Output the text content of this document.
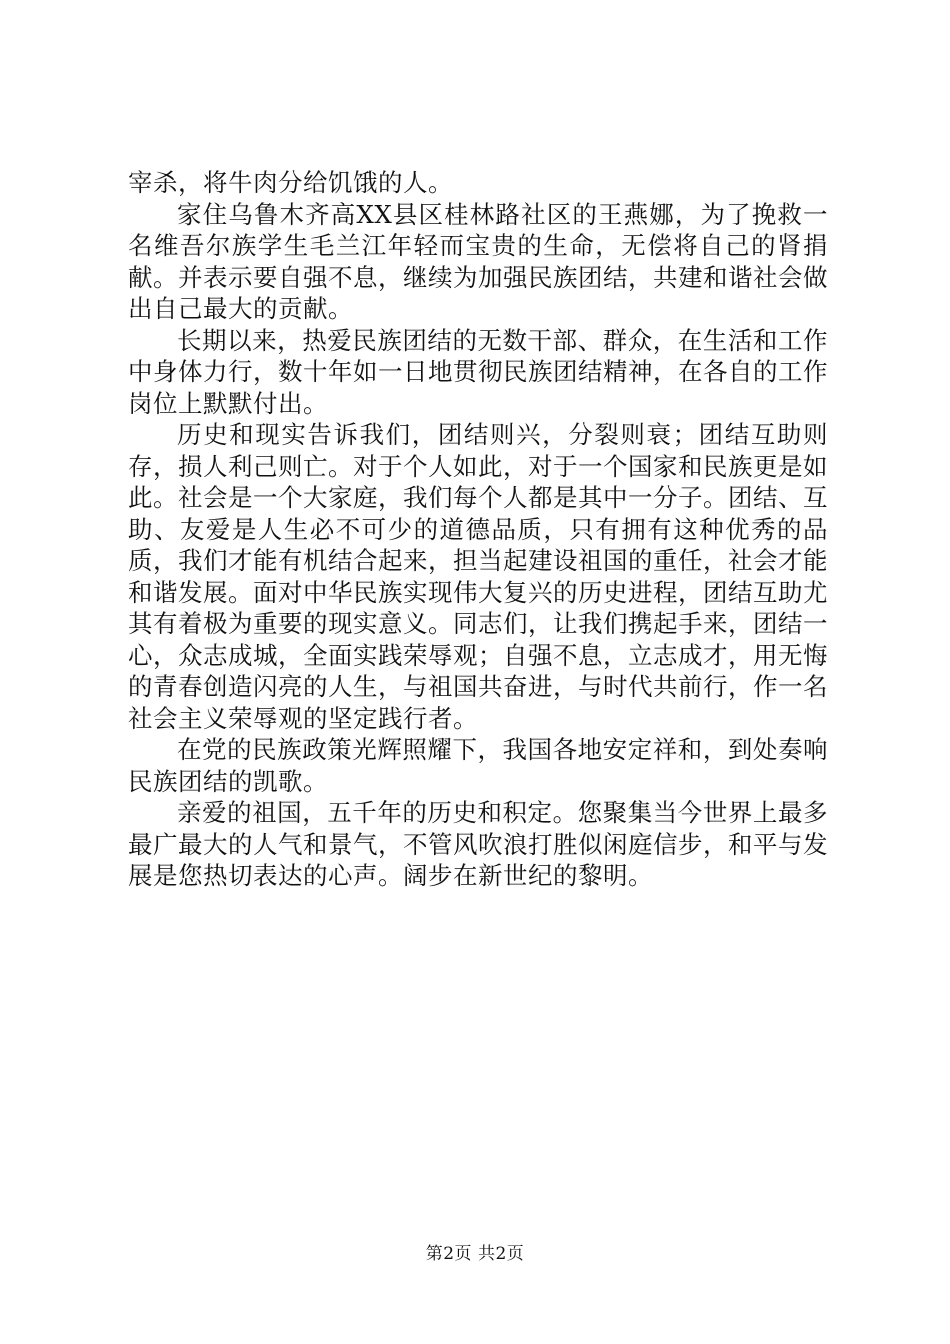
宰杀，将牛肉分给饥饿的人。

家住乌鲁木齐高XX县区桂林路社区的王燕娜，为了挽救一名维吾尔族学生毛兰江年轻而宝贵的生命，无偿将自己的肾捐献。并表示要自强不息，继续为加强民族团结，共建和谐社会做出自己最大的贡献。

长期以来，热爱民族团结的无数干部、群众，在生活和工作中身体力行，数十年如一日地贯彻民族团结精神，在各自的工作岗位上默默付出。

历史和现实告诉我们，团结则兴，分裂则衰；团结互助则存，损人利己则亡。对于个人如此，对于一个国家和民族更是如此。社会是一个大家庭，我们每个人都是其中一分子。团结、互助、友爱是人生必不可少的道德品质，只有拥有这种优秀的品质，我们才能有机结合起来，担当起建设祖国的重任，社会才能和谐发展。面对中华民族实现伟大复兴的历史进程，团结互助尤其有着极为重要的现实意义。同志们，让我们携起手来，团结一心，众志成城，全面实践荣辱观；自强不息，立志成才，用无悔的青春创造闪亮的人生，与祖国共奋进，与时代共前行，作一名社会主义荣辱观的坚定践行者。

在党的民族政策光辉照耀下，我国各地安定祥和，到处奏响民族团结的凯歌。

亲爱的祖国，五千年的历史和积定。您聚集当今世界上最多最广最大的人气和景气，不管风吹浪打胜似闲庭信步，和平与发展是您热切表达的心声。阔步在新世纪的黎明。

第2页 共2页
